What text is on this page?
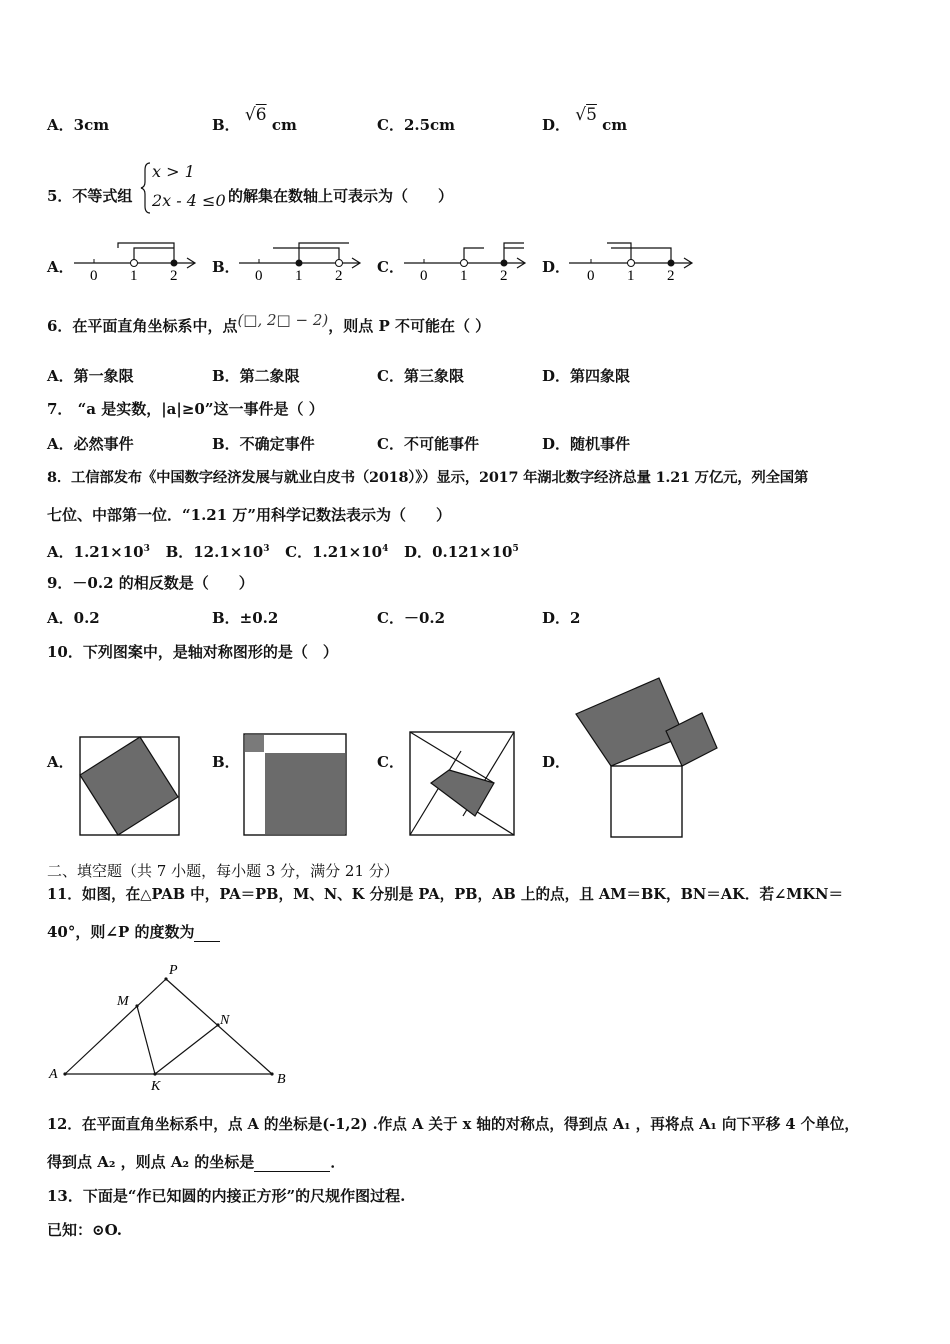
A．3cm	B． √6 cm	C．2.5cm	D． √5 cm
5．不等式组
x > 1
2x - 4 ≤0 的解集在数轴上可表示为（　　）
A．	B．	C．	D．
0 1 2	0 1 2	0 1 2	0 1 2
6．在平面直角坐标系中，点(□, 2□ − 2)，则点 P 不可能在（ ）
A．第一象限	B．第二象限	C．第三象限	D．第四象限
7． “a 是实数，|a|≥0”这一事件是（ ）
A．必然事件	B．不确定事件	C．不可能事件	D．随机事件
8．工信部发布《中国数字经济发展与就业白皮书（2018）》）显示，2017 年湖北数字经济总量 1.21 万亿元，列全国第
七位、中部第一位．“1.21 万”用科学记数法表示为（　　）
A．$1.21\times 10^3$ B．$12.1\times 10^3$ C．$1.21\times 10^4$ D．$0.121\times 10^5$
9．－0.2 的相反数是（　　）
A．0.2	B．±0.2	C．－0.2	D．2
10．下列图案中，是轴对称图形的是（　）
A．	B．	C．	D．
二、填空题（共 7 小题，每小题 3 分，满分 21 分）
11．如图，在△PAB 中，PA＝PB，M、N、K 分别是 PA，PB，AB 上的点，且 AM＝BK，BN＝AK．若∠MKN＝
40°，则∠P 的度数为
P
M
N
A
K	B
12．在平面直角坐标系中，点 A 的坐标是(-1,2) .作点 A 关于 x 轴的对称点，得到点 A₁ ，再将点 A₁ 向下平移 4 个单位，
得到点 A₂ ，则点 A₂ 的坐标是	．
13．下面是“作已知圆的内接正方形”的尺规作图过程.
已知：⊙O.
